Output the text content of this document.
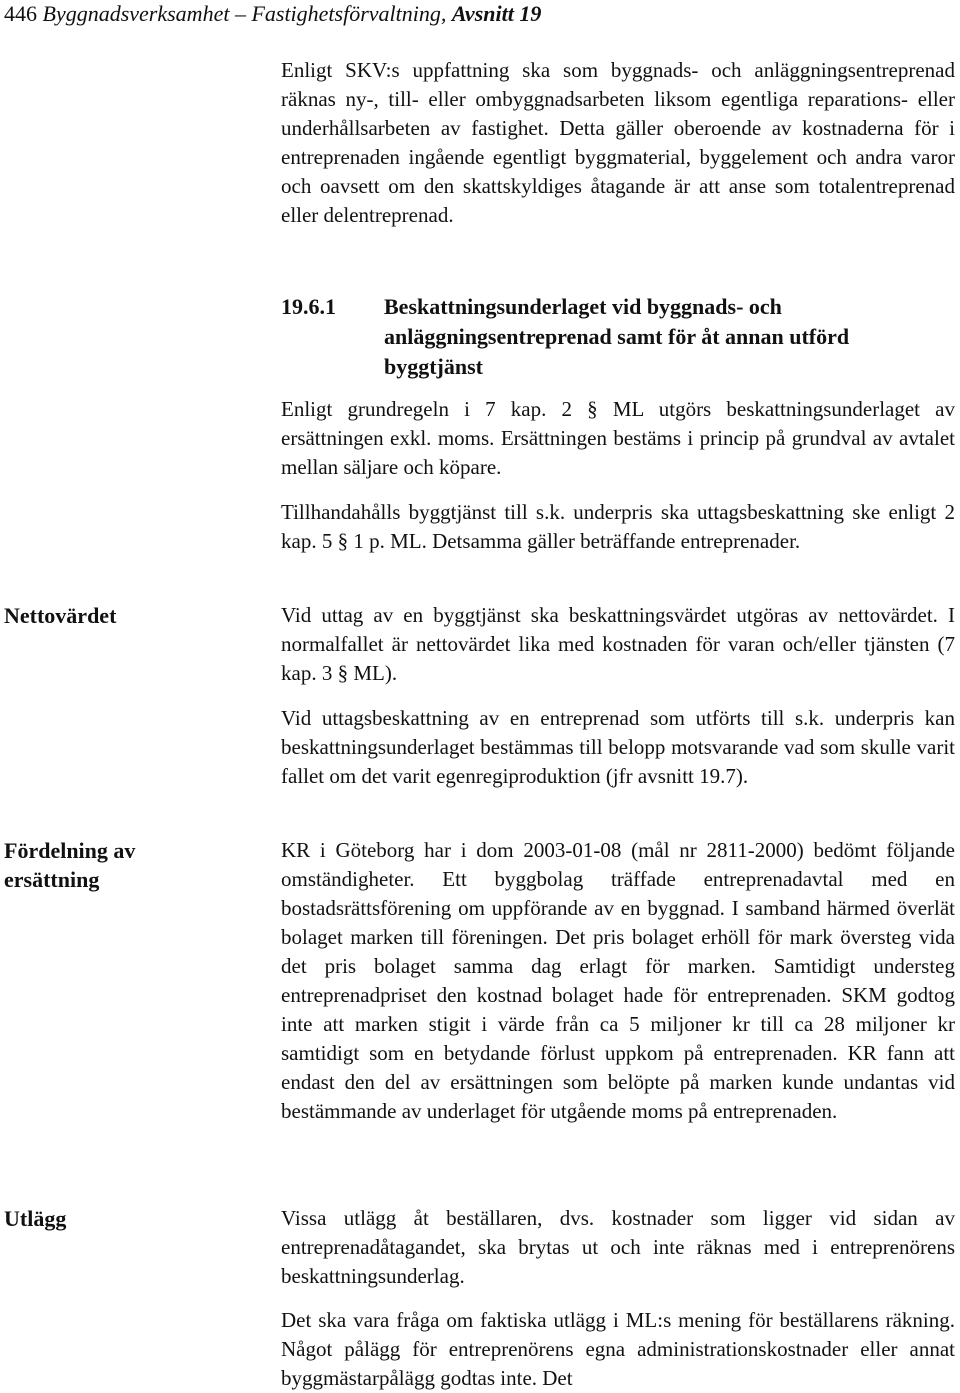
446 Byggnadsverksamhet – Fastighetsförvaltning, Avsnitt 19

Enligt SKV:s uppfattning ska som byggnads- och anläggningsentreprenad räknas ny-, till- eller ombyggnadsarbeten liksom egentliga reparations- eller underhållsarbeten av fastighet. Detta gäller oberoende av kostnaderna för i entreprenaden ingående egentligt byggmaterial, byggelement och andra varor och oavsett om den skattskyldiges åtagande är att anse som totalentreprenad eller delentreprenad.

19.6.1 Beskattningsunderlaget vid byggnads- och anläggningsentreprenad samt för åt annan utförd byggtjänst

Enligt grundregeln i 7 kap. 2 § ML utgörs beskattningsunderlaget av ersättningen exkl. moms. Ersättningen bestäms i princip på grundval av avtalet mellan säljare och köpare.

Tillhandahålls byggtjänst till s.k. underpris ska uttagsbeskattning ske enligt 2 kap. 5 § 1 p. ML. Detsamma gäller beträffande entreprenader.

Nettovärdet	Vid uttag av en byggtjänst ska beskattningsvärdet utgöras av nettovärdet. I normalfallet är nettovärdet lika med kostnaden för varan och/eller tjänsten (7 kap. 3 § ML).

Vid uttagsbeskattning av en entreprenad som utförts till s.k. underpris kan beskattningsunderlaget bestämmas till belopp motsvarande vad som skulle varit fallet om det varit egenregiproduktion (jfr avsnitt 19.7).

Fördelning av ersättning

KR i Göteborg har i dom 2003-01-08 (mål nr 2811-2000) bedömt följande omständigheter. Ett byggbolag träffade entreprenadavtal med en bostadsrättsförening om uppförande av en byggnad. I samband härmed överlät bolaget marken till föreningen. Det pris bolaget erhöll för mark översteg vida det pris bolaget samma dag erlagt för marken. Samtidigt understeg entreprenadpriset den kostnad bolaget hade för entreprenaden. SKM godtog inte att marken stigit i värde från ca 5 miljoner kr till ca 28 miljoner kr samtidigt som en betydande förlust uppkom på entreprenaden. KR fann att endast den del av ersättningen som belöpte på marken kunde undantas vid bestämmande av underlaget för utgående moms på entreprenaden.

Utlägg	Vissa utlägg åt beställaren, dvs. kostnader som ligger vid sidan av entreprenadåtagandet, ska brytas ut och inte räknas med i entreprenörens beskattningsunderlag.

Det ska vara fråga om faktiska utlägg i ML:s mening för beställarens räkning. Något pålägg för entreprenörens egna administrationskostnader eller annat byggmästarpålägg godtas inte. Det
